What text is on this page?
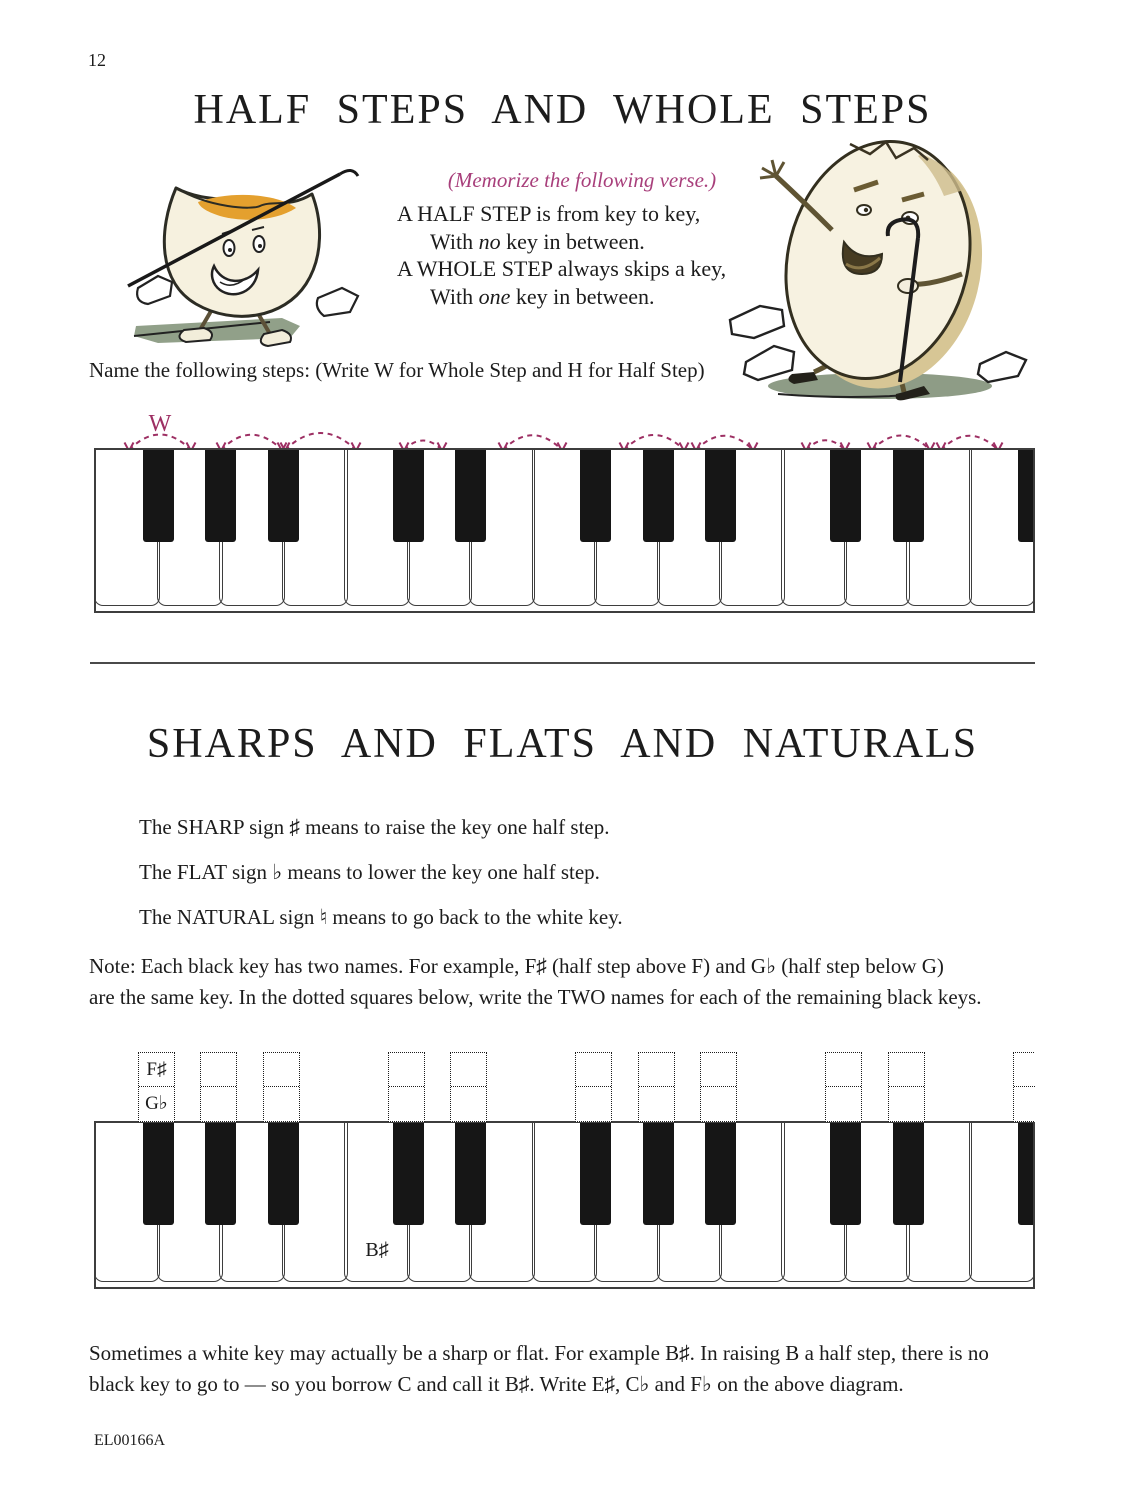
12
HALF STEPS AND WHOLE STEPS
(Memorize the following verse.)

A HALF STEP is from key to key,

With no key in between.

A WHOLE STEP always skips a key,

With one key in between.

Name the following steps: (Write W for Whole Step and H for Half Step)
W
SHARPS AND FLATS AND NATURALS

The SHARP sign ♯ means to raise the key one half step.

The FLAT sign ♭ means to lower the key one half step.

The NATURAL sign ♮ means to go back to the white key.

Note: Each black key has two names. For example, F♯ (half step above F) and G♭ (half step below G)

are the same key. In the dotted squares below, write the TWO names for each of the remaining black keys.

B♯
F♯
G♭

Sometimes a white key may actually be a sharp or flat. For example B♯. In raising B a half step, there is no

black key to go to — so you borrow C and call it B♯. Write E♯, C♭ and F♭ on the above diagram.

EL00166A
